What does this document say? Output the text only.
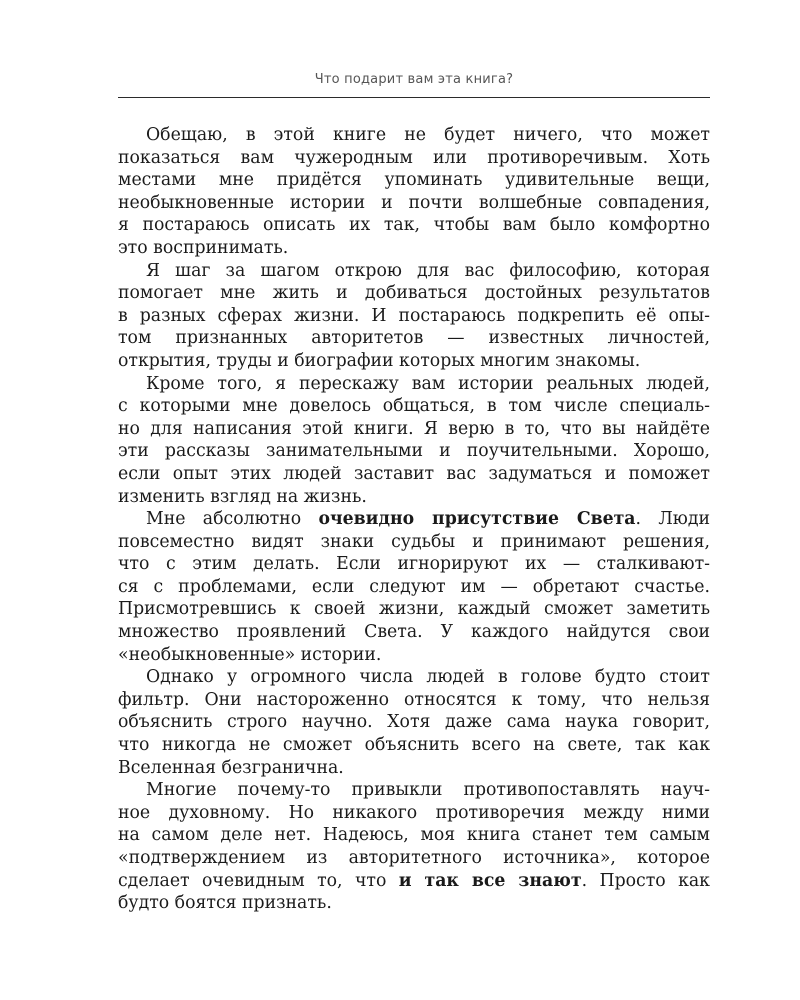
Что подарит вам эта книга?
Обещаю, в этой книге не будет ничего, что может
показаться вам чужеродным или противоречивым. Хоть
местами мне придётся упоминать удивительные вещи,
необыкновенные истории и почти волшебные совпадения,
я постараюсь описать их так, чтобы вам было комфортно
это воспринимать.
Я шаг за шагом открою для вас философию, которая
помогает мне жить и добиваться достойных результатов
в разных сферах жизни. И постараюсь подкрепить её опы-
том признанных авторитетов — известных личностей,
открытия, труды и биографии которых многим знакомы.
Кроме того, я перескажу вам истории реальных людей,
с которыми мне довелось общаться, в том числе специаль-
но для написания этой книги. Я верю в то, что вы найдёте
эти рассказы занимательными и поучительными. Хорошо,
если опыт этих людей заставит вас задуматься и поможет
изменить взгляд на жизнь.
Мне абсолютно очевидно присутствие Света. Люди
повсеместно видят знаки судьбы и принимают решения,
что с этим делать. Если игнорируют их — сталкивают-
ся с проблемами, если следуют им — обретают счастье.
Присмотревшись к своей жизни, каждый сможет заметить
множество проявлений Света. У каждого найдутся свои
«необыкновенные» истории.
Однако у огромного числа людей в голове будто стоит
фильтр. Они настороженно относятся к тому, что нельзя
объяснить строго научно. Хотя даже сама наука говорит,
что никогда не сможет объяснить всего на свете, так как
Вселенная безгранична.
Многие почему-то привыкли противопоставлять науч-
ное духовному. Но никакого противоречия между ними
на самом деле нет. Надеюсь, моя книга станет тем самым
«подтверждением из авторитетного источника», которое
сделает очевидным то, что и так все знают. Просто как
будто боятся признать.
